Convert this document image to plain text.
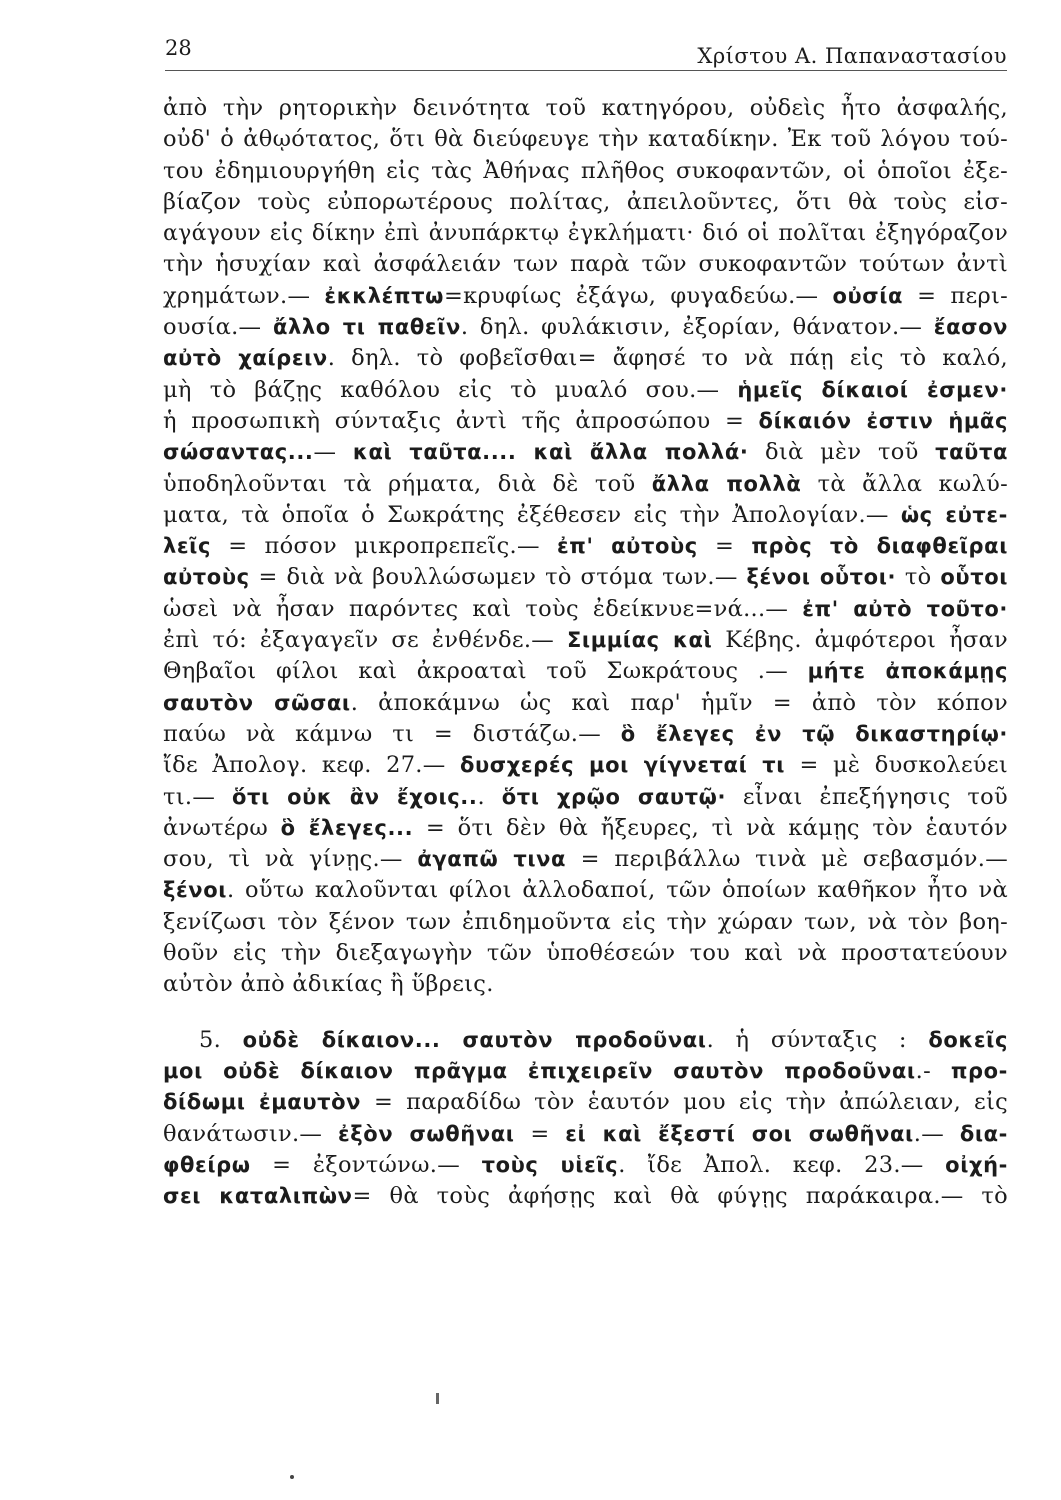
28	Χρίστου Α. Παπαναστασίου
ἀπὸ τὴν ρητορικὴν δεινότητα τοῦ κατηγόρου, οὐδεὶς ἦτο ἀσφαλής,
οὐδ' ὁ ἀθῳότατος, ὅτι θὰ διεύφευγε τὴν καταδίκην. Ἐκ τοῦ λόγου τού-
του ἐδημιουργήθη εἰς τὰς Ἀθήνας πλῆθος συκοφαντῶν, οἱ ὁποῖοι ἐξε-
βίαζον τοὺς εὐπορωτέρους πολίτας, ἀπειλοῦντες, ὅτι θὰ τοὺς εἰσ-
αγάγουν εἰς δίκην ἐπὶ ἀνυπάρκτῳ ἐγκλήματι· διό οἱ πολῖται ἐξηγόραζον
τὴν ἡσυχίαν καὶ ἀσφάλειάν των παρὰ τῶν συκοφαντῶν τούτων ἀντὶ
χρημάτων.— ἐκκλέπτω=κρυφίως ἐξάγω, φυγαδεύω.— οὐσία = περι-
ουσία.— ἄλλο τι παθεῖν. δηλ. φυλάκισιν, ἐξορίαν, θάνατον.— ἔασον
αὐτὸ χαίρειν. δηλ. τὸ φοβεῖσθαι= ἄφησέ το νὰ πάῃ εἰς τὸ καλό,
μὴ τὸ βάζῃς καθόλου εἰς τὸ μυαλό σου.— ἡμεῖς δίκαιοί ἐσμεν·
ἡ προσωπικὴ σύνταξις ἀντὶ τῆς ἀπροσώπου = δίκαιόν ἐστιν ἡμᾶς
σώσαντας...— καὶ ταῦτα.... καὶ ἄλλα πολλά· διὰ μὲν τοῦ ταῦτα
ὑποδηλοῦνται τὰ ρήματα, διὰ δὲ τοῦ ἄλλα πολλὰ τὰ ἄλλα κωλύ-
ματα, τὰ ὁποῖα ὁ Σωκράτης ἐξέθεσεν εἰς τὴν Ἀπολογίαν.— ὡς εὐτε-
λεῖς = πόσον μικροπρεπεῖς.— ἐπ' αὐτοὺς = πρὸς τὸ διαφθεῖραι
αὐτοὺς = διὰ νὰ βουλλώσωμεν τὸ στόμα των.— ξένοι οὗτοι· τὸ οὗτοι
ὡσεὶ νὰ ἦσαν παρόντες καὶ τοὺς ἐδείκνυε=νά...— ἐπ' αὐτὸ τοῦτο·
ἐπὶ τό: ἐξαγαγεῖν σε ἐνθένδε.— Σιμμίας καὶ Κέβης. ἀμφότεροι ἦσαν
Θηβαῖοι φίλοι καὶ ἀκροαταὶ τοῦ Σωκράτους .— μήτε ἀποκάμῃς
σαυτὸν σῶσαι. ἀποκάμνω ὡς καὶ παρ' ἡμῖν = ἀπὸ τὸν κόπον
παύω νὰ κάμνω τι = διστάζω.— ὃ ἔλεγες ἐν τῷ δικαστηρίῳ·
ἴδε Ἀπολογ. κεφ. 27.— δυσχερές μοι γίγνεταί τι = μὲ δυσκολεύει
τι.— ὅτι οὐκ ἂν ἔχοις... ὅτι χρῷο σαυτῷ· εἶναι ἐπεξήγησις τοῦ
ἀνωτέρω ὃ ἔλεγες... = ὅτι δὲν θὰ ἤξευρες, τὶ νὰ κάμῃς τὸν ἑαυτόν
σου, τὶ νὰ γίνῃς.— ἀγαπῶ τινα = περιβάλλω τινὰ μὲ σεβασμόν.—
ξένοι. οὕτω καλοῦνται φίλοι ἀλλοδαποί, τῶν ὁποίων καθῆκον ἦτο νὰ
ξενίζωσι τὸν ξένον των ἐπιδημοῦντα εἰς τὴν χώραν των, νὰ τὸν βοη-
θοῦν εἰς τὴν διεξαγωγὴν τῶν ὑποθέσεών του καὶ νὰ προστατεύουν
αὐτὸν ἀπὸ ἀδικίας ἢ ὕβρεις.
5. οὐδὲ δίκαιον... σαυτὸν προδοῦναι. ἡ σύνταξις : δοκεῖς
μοι οὐδὲ δίκαιον πρᾶγμα ἐπιχειρεῖν σαυτὸν προδοῦναι.- προ-
δίδωμι ἐμαυτὸν = παραδίδω τὸν ἑαυτόν μου εἰς τὴν ἀπώλειαν, εἰς
θανάτωσιν.— ἐξὸν σωθῆναι = εἰ καὶ ἔξεστί σοι σωθῆναι.— δια-
φθείρω = ἐξοντώνω.— τοὺς υἱεῖς. ἴδε Ἀπολ. κεφ. 23.— οἰχή-
σει καταλιπὼν= θὰ τοὺς ἀφήσῃς καὶ θὰ φύγῃς παράκαιρα.— τὸ
